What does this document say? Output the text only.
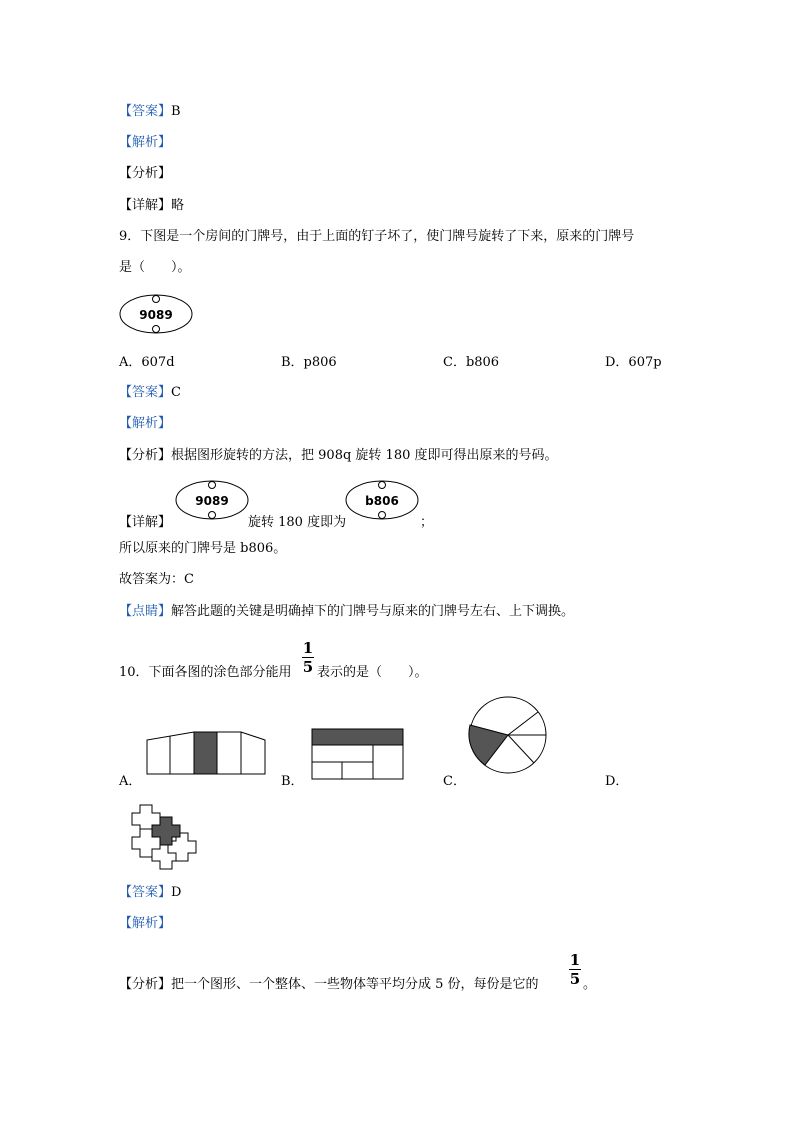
【答案】B
【解析】
【分析】
【详解】略
9．下图是一个房间的门牌号，由于上面的钉子坏了，使门牌号旋转了下来，原来的门牌号
是（　　）。
9089
A．607d	B．p806	C．b806	D．607p
【答案】C
【解析】
【分析】根据图形旋转的方法，把 908q 旋转 180 度即可得出原来的号码。
【详解】
9089
旋转 180 度即为
b806
；
所以原来的门牌号是 b806。
故答案为：C
【点睛】解答此题的关键是明确掉下的门牌号与原来的门牌号左右、上下调换。
10．下面各图的涂色部分能用
1
5 表示的是（　　）。
A．	B．	C．	D．
【答案】D
【解析】
【分析】把一个图形、一个整体、一些物体等平均分成 5 份，每份是它的
1
5 。
